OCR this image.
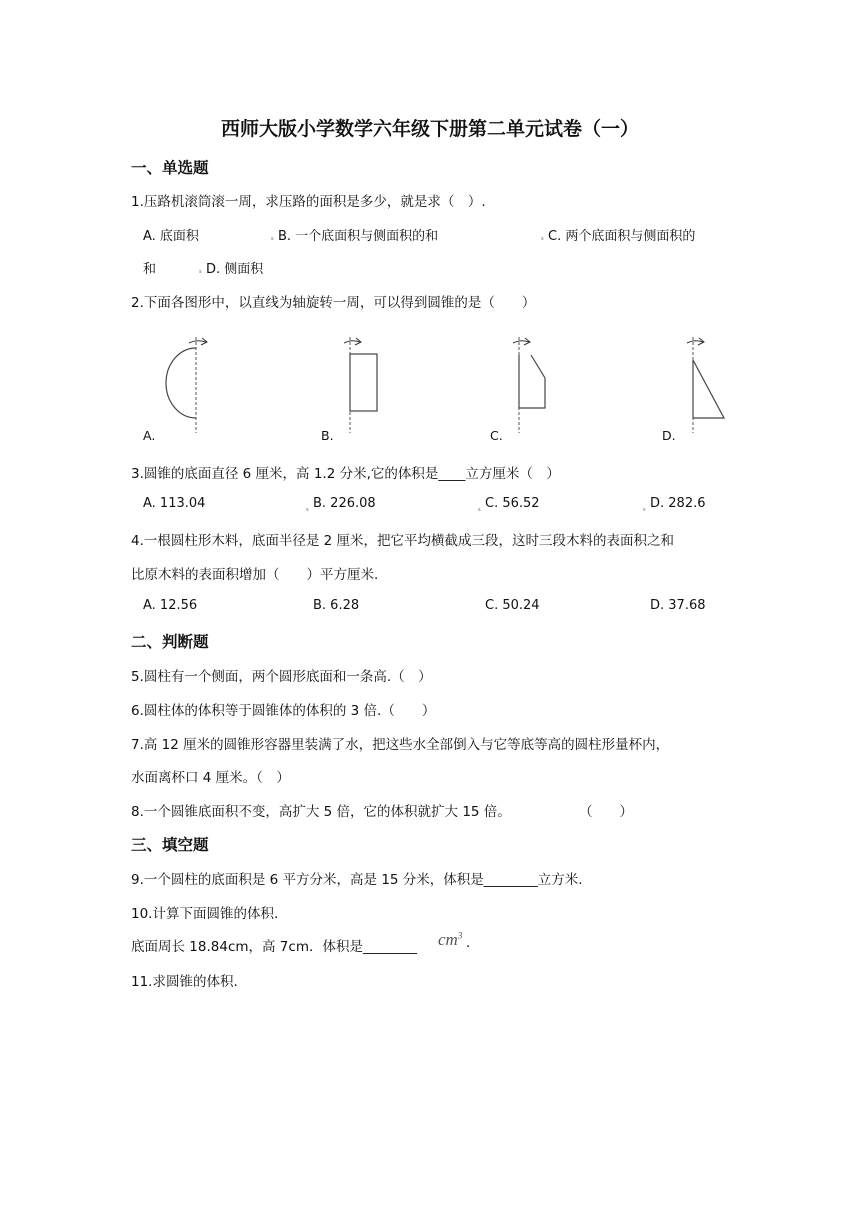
西师大版小学数学六年级下册第二单元试卷（一）
一、单选题
1.压路机滚筒滚一周，求压路的面积是多少，就是求（　）.
A. 底面积	s B. 一个底面积与侧面积的和	s C. 两个底面积与侧面积的
和	s D. 侧面积
2.下面各图形中，以直线为轴旋转一周，可以得到圆锥的是（　　）
A.	B.	C.	D.
3.圆锥的底面直径 6 厘米，高 1.2 分米,它的体积是____立方厘米（　）
A. 113.04	s B. 226.08	s C. 56.52	s D. 282.6
4.一根圆柱形木料，底面半径是 2 厘米，把它平均横截成三段，这时三段木料的表面积之和
比原木料的表面积增加（　　）平方厘米.
A. 12.56	B. 6.28	C. 50.24	D. 37.68
二、判断题
5.圆柱有一个侧面，两个圆形底面和一条高.（　）
6.圆柱体的体积等于圆锥体的体积的 3 倍.（　　）
7.高 12 厘米的圆锥形容器里装满了水，把这些水全部倒入与它等底等高的圆柱形量杯内，
水面离杯口 4 厘米。（　）
8.一个圆锥底面积不变，高扩大 5 倍，它的体积就扩大 15 倍。	（　　）
三、填空题
9.一个圆柱的底面积是 6 平方分米，高是 15 分米，体积是________立方米.
10.计算下面圆锥的体积.
底面周长 18.84cm，高 7cm．体积是________ $cm^3$ .
11.求圆锥的体积.
